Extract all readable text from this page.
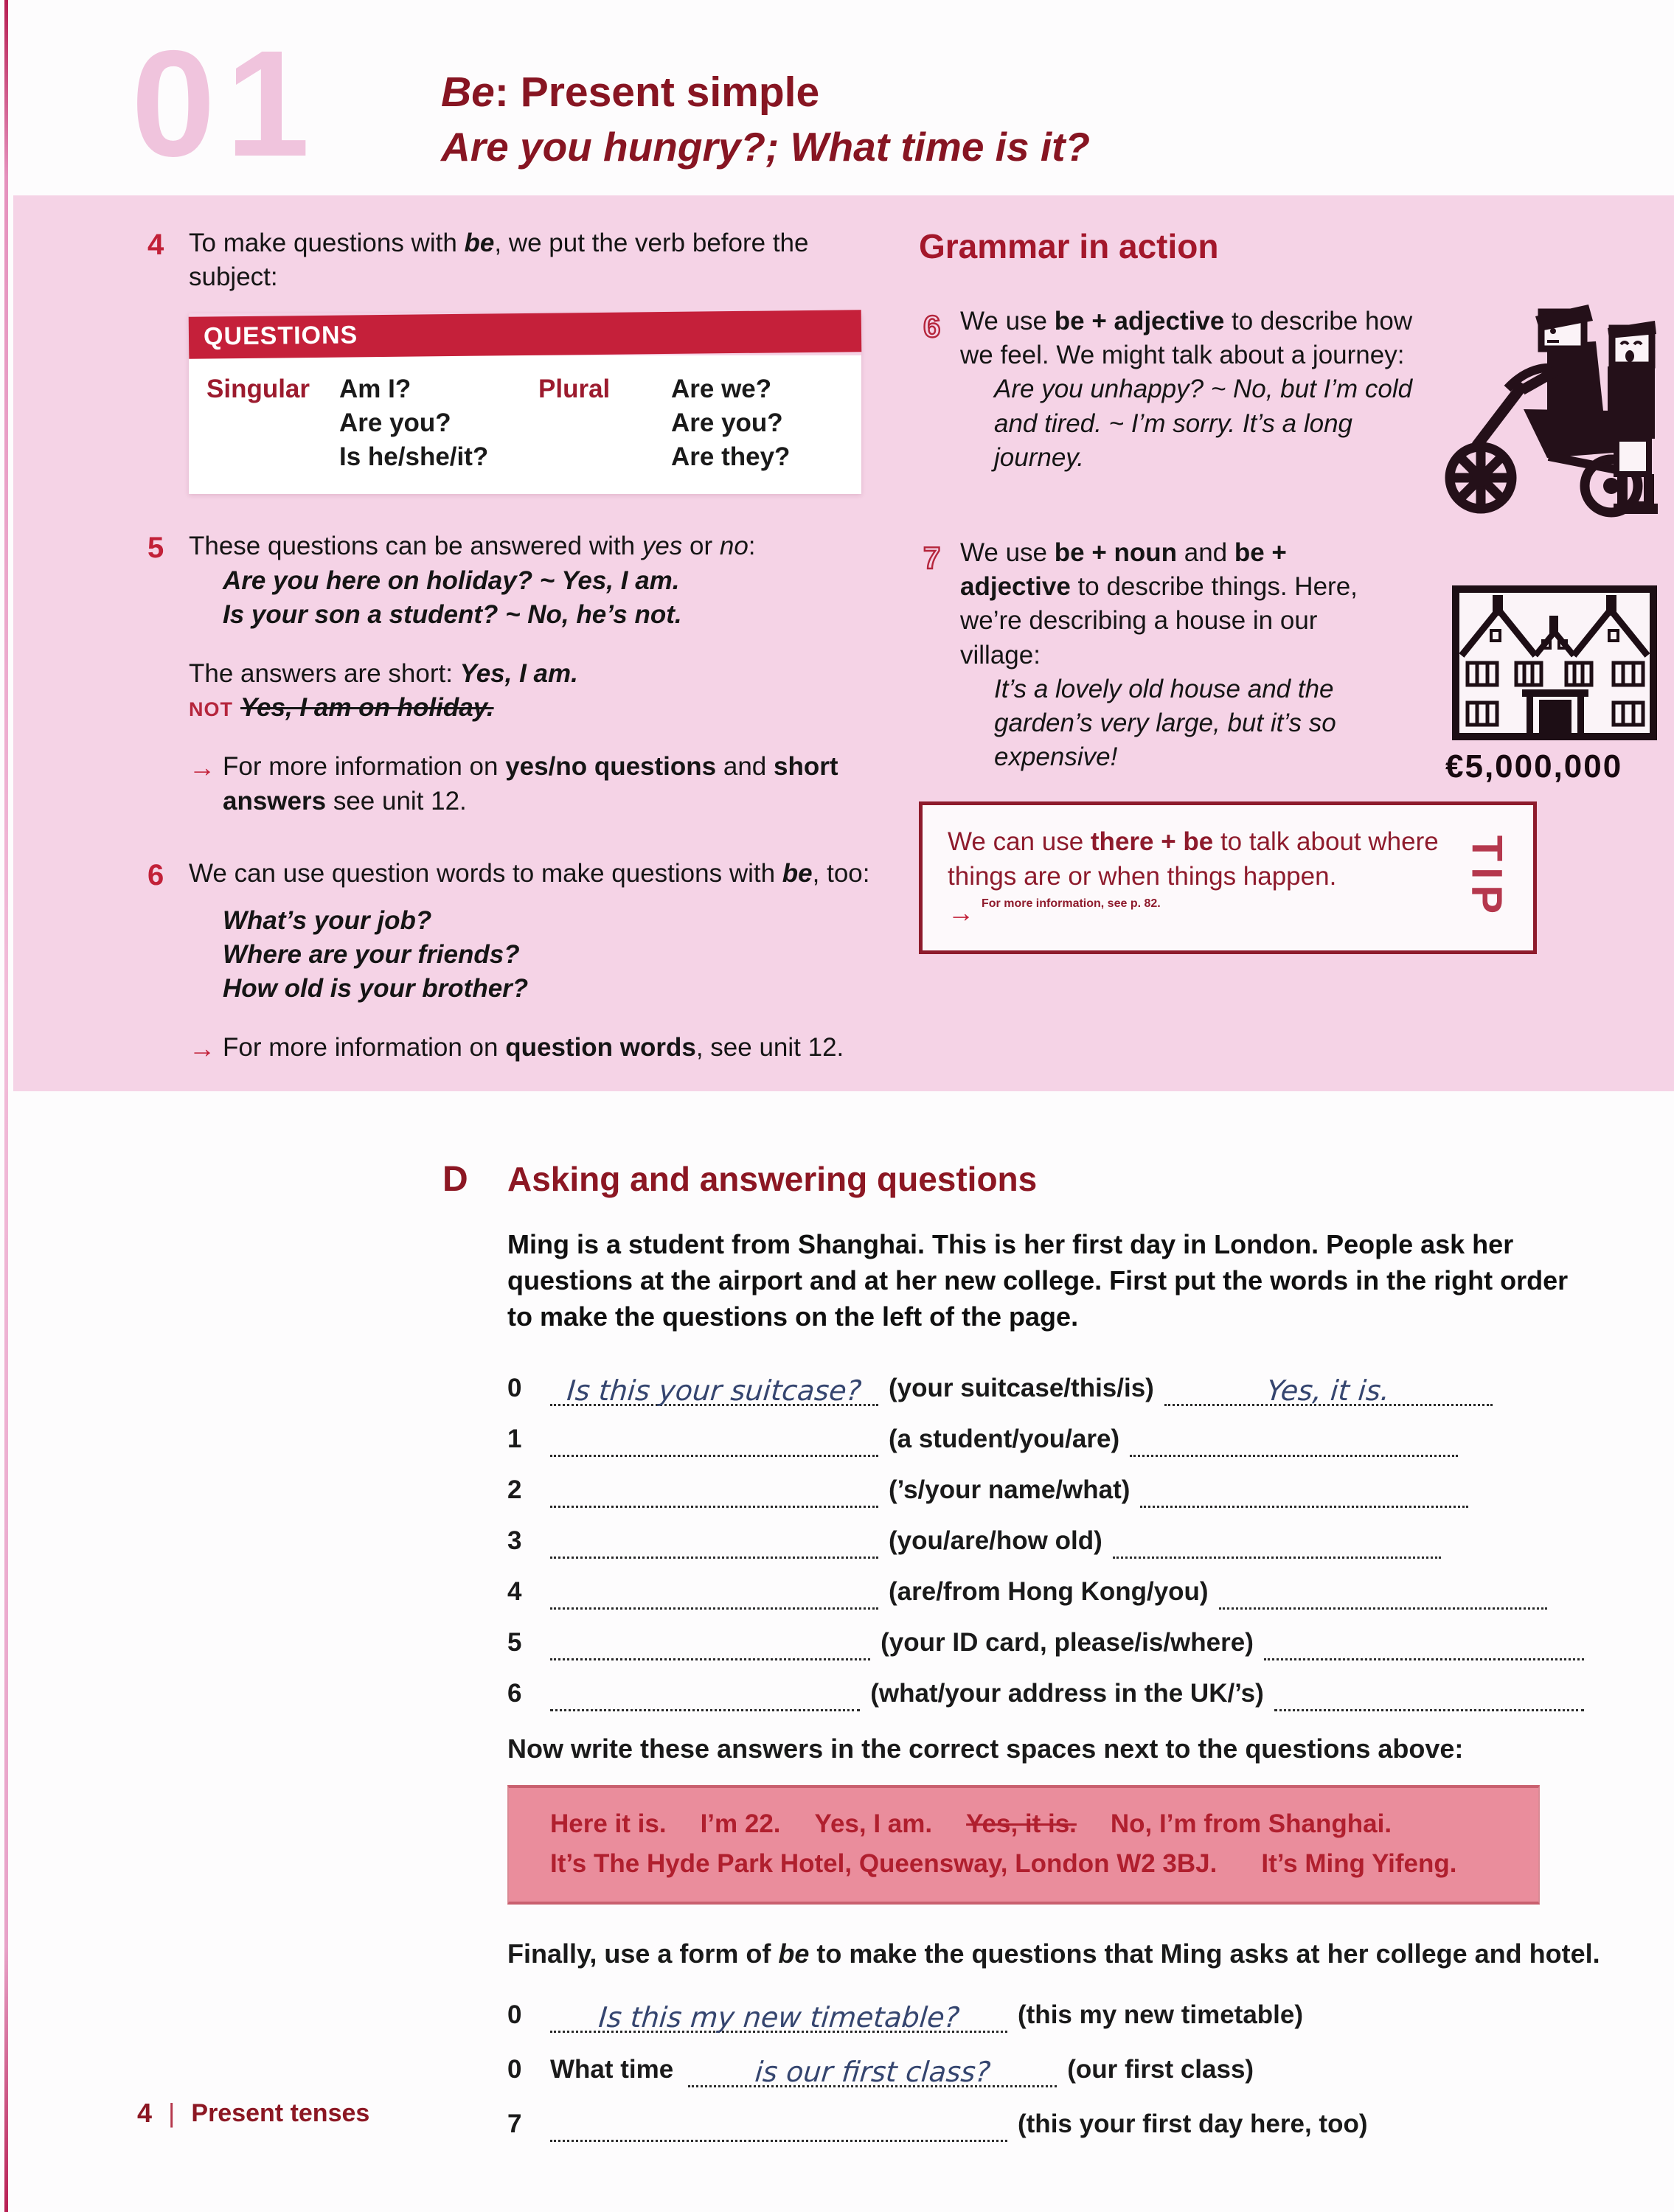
01	Be: Present simple
Are you hungry?; What time is it?
4 To make questions with be, we put the verb before the subject:
QUESTIONS
Singular	Am I?	Plural	Are we?
Are you?	Are you?
Is he/she/it?	Are they?
5 These questions can be answered with yes or no:
Are you here on holiday? ~ Yes, I am.
Is your son a student? ~ No, he’s not.
The answers are short: Yes, I am.
NOT Yes, I am on holiday.
→ For more information on yes/no questions and short answers see unit 12.
6 We can use question words to make questions with be, too:
What’s your job?
Where are your friends?
How old is your brother?
→ For more information on question words, see unit 12.
Grammar in action
6 We use be + adjective to describe how we feel. We might talk about a journey:
Are you unhappy? ~ No, but I’m cold and tired. ~ I’m sorry. It’s a long journey.
7 We use be + noun and be + adjective to describe things. Here, we’re describing a house in our village:
It’s a lovely old house and the garden’s very large, but it’s so expensive!	€5,000,000
We can use there + be to talk about where things are or when things happen.
→ For more information, see p. 82.	TIP
D Asking and answering questions
Ming is a student from Shanghai. This is her first day in London. People ask her questions at the airport and at her new college. First put the words in the right order to make the questions on the left of the page.
0	Is this your suitcase? (your suitcase/this/is)	Yes, it is.
1	(a student/you/are)
2	(’s/your name/what)
3	(you/are/how old)
4	(are/from Hong Kong/you)
5	(your ID card, please/is/where)
6	(what/your address in the UK/’s)
Now write these answers in the correct spaces next to the questions above:
Here it is. I’m 22. Yes, I am. Yes, it is. No, I’m from Shanghai.
It’s The Hyde Park Hotel, Queensway, London W2 3BJ. It’s Ming Yifeng.
Finally, use a form of be to make the questions that Ming asks at her college and hotel.
0	Is this my new timetable? (this my new timetable)
0	What time	is our first class?	(our first class)
7	(this your first day here, too)
4 | Present tenses
